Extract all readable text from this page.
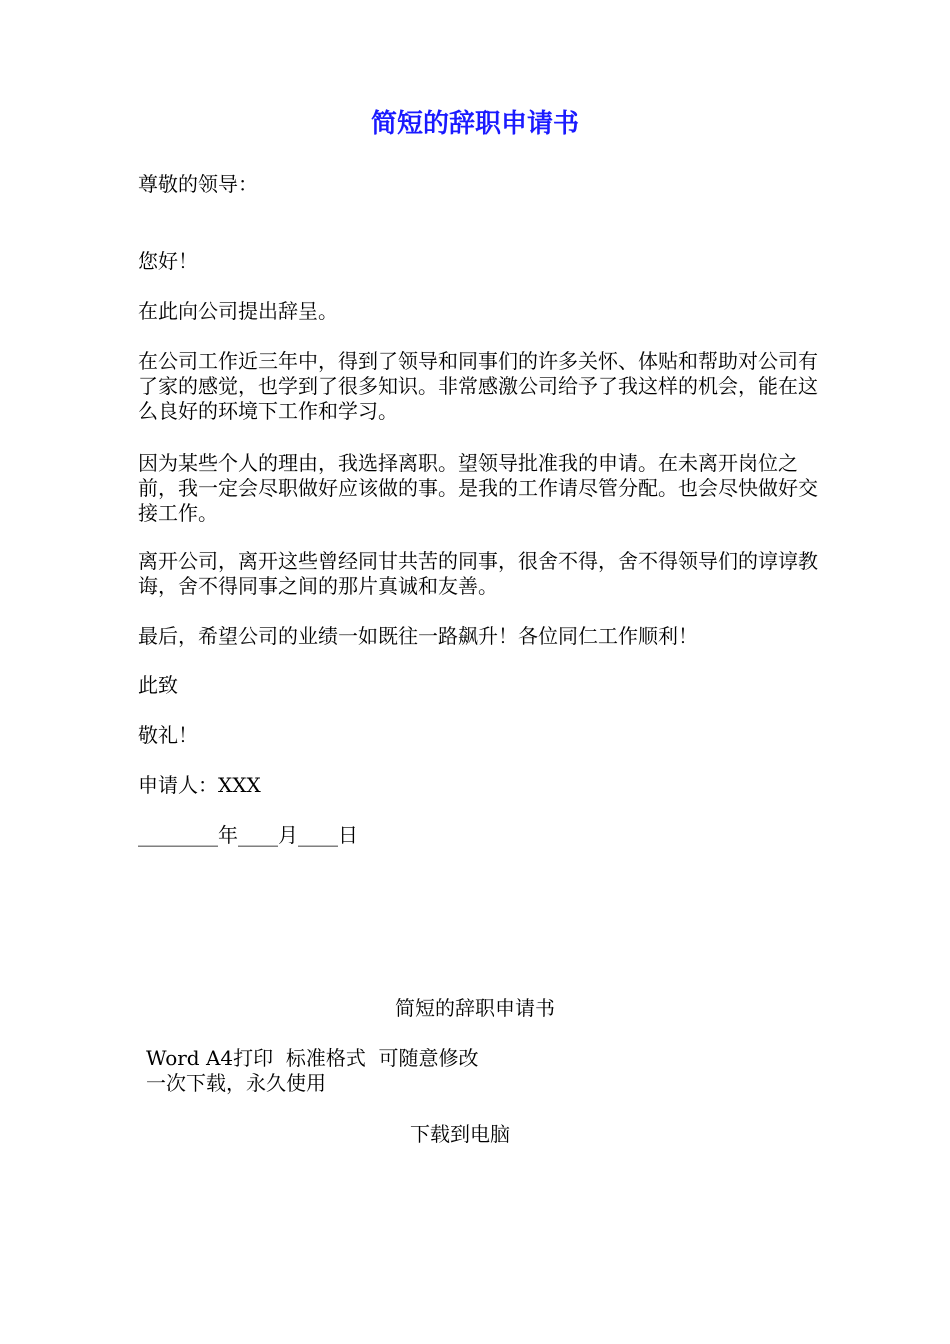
简短的辞职申请书

尊敬的领导：

您好！

在此向公司提出辞呈。

在公司工作近三年中，得到了领导和同事们的许多关怀、体贴和帮助对公司有了家的感觉，也学到了很多知识。非常感激公司给予了我这样的机会，能在这么良好的环境下工作和学习。

因为某些个人的理由，我选择离职。望领导批准我的申请。在未离开岗位之前，我一定会尽职做好应该做的事。是我的工作请尽管分配。也会尽快做好交接工作。

离开公司，离开这些曾经同甘共苦的同事，很舍不得，舍不得领导们的谆谆教诲，舍不得同事之间的那片真诚和友善。

最后，希望公司的业绩一如既往一路飙升！各位同仁工作顺利！

此致

敬礼！

申请人：XXX

________年____月____日

简短的辞职申请书
Word A4打印  标准格式  可随意修改
一次下载，永久使用
下载到电脑
